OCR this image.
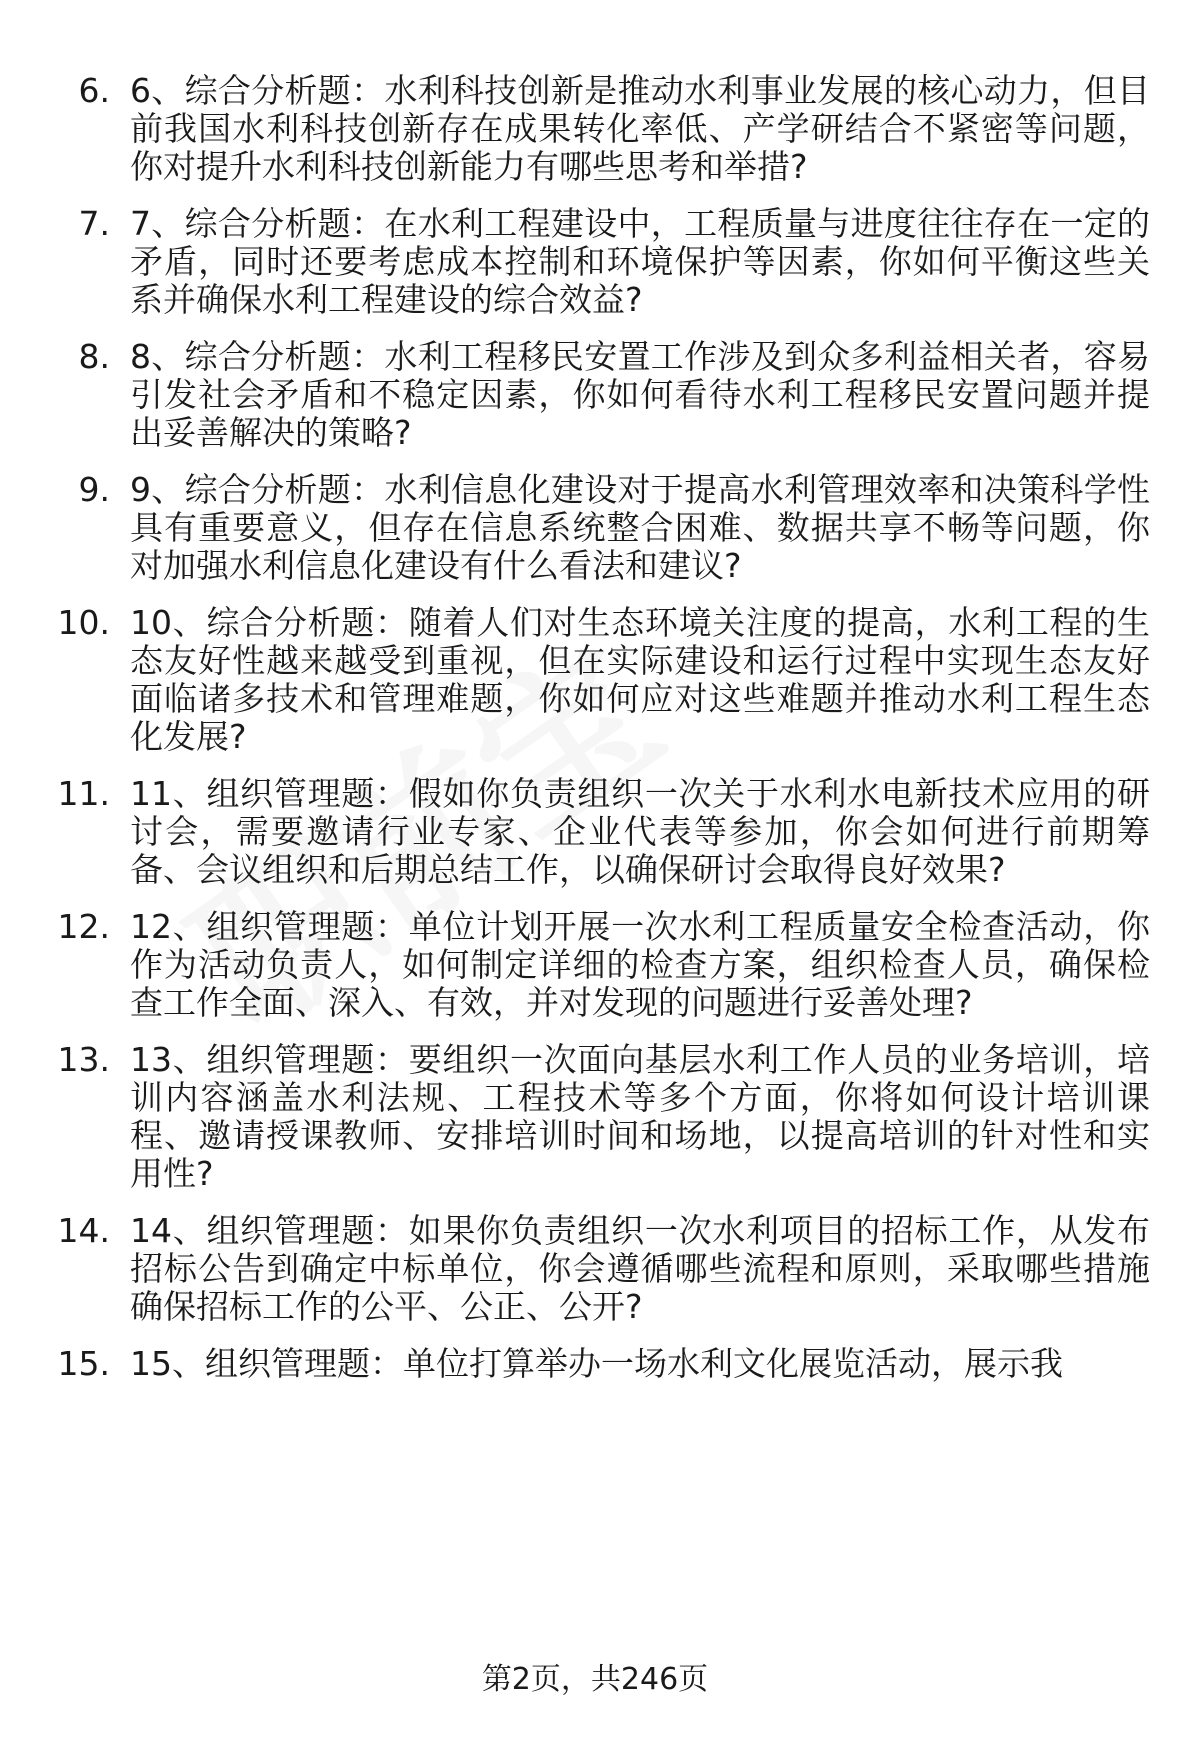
6. 6、综合分析题：水利科技创新是推动水利事业发展的核心动力，但目前我国水利科技创新存在成果转化率低、产学研结合不紧密等问题，你对提升水利科技创新能力有哪些思考和举措?
7. 7、综合分析题：在水利工程建设中，工程质量与进度往往存在一定的矛盾，同时还要考虑成本控制和环境保护等因素，你如何平衡这些关系并确保水利工程建设的综合效益?
8. 8、综合分析题：水利工程移民安置工作涉及到众多利益相关者，容易引发社会矛盾和不稳定因素，你如何看待水利工程移民安置问题并提出妥善解决的策略?
9. 9、综合分析题：水利信息化建设对于提高水利管理效率和决策科学性具有重要意义，但存在信息系统整合困难、数据共享不畅等问题，你对加强水利信息化建设有什么看法和建议?
10. 10、综合分析题：随着人们对生态环境关注度的提高，水利工程的生态友好性越来越受到重视，但在实际建设和运行过程中实现生态友好面临诸多技术和管理难题，你如何应对这些难题并推动水利工程生态化发展?
11. 11、组织管理题：假如你负责组织一次关于水利水电新技术应用的研讨会，需要邀请行业专家、企业代表等参加，你会如何进行前期筹备、会议组织和后期总结工作，以确保研讨会取得良好效果?
12. 12、组织管理题：单位计划开展一次水利工程质量安全检查活动，你作为活动负责人，如何制定详细的检查方案，组织检查人员，确保检查工作全面、深入、有效，并对发现的问题进行妥善处理?
13. 13、组织管理题：要组织一次面向基层水利工作人员的业务培训，培训内容涵盖水利法规、工程技术等多个方面，你将如何设计培训课程、邀请授课教师、安排培训时间和场地，以提高培训的针对性和实用性?
14. 14、组织管理题：如果你负责组织一次水利项目的招标工作，从发布招标公告到确定中标单位，你会遵循哪些流程和原则，采取哪些措施确保招标工作的公平、公正、公开?
15. 15、组织管理题：单位打算举办一场水利文化展览活动，展示我
第2页，共246页
